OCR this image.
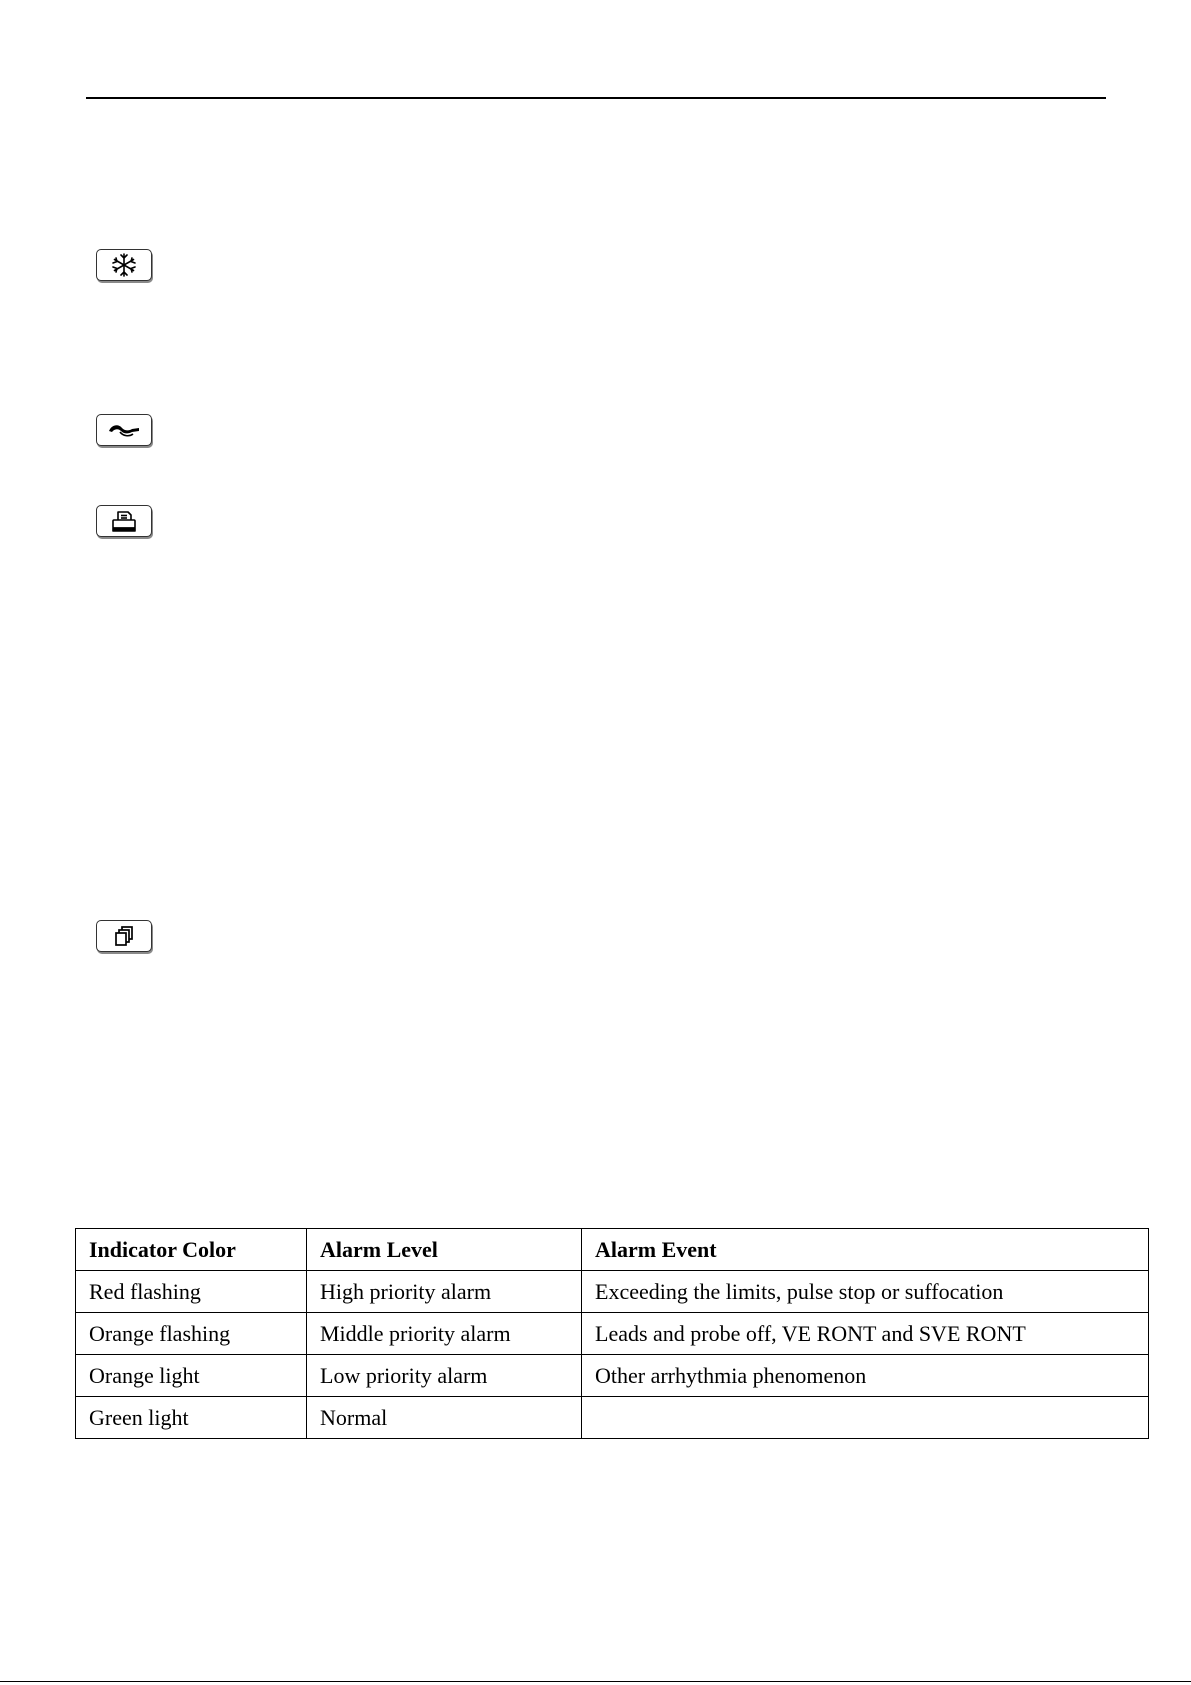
Indicator Color	Alarm Level	Alarm Event
Red flashing	High priority alarm	Exceeding the limits, pulse stop or suffocation
Orange flashing	Middle priority alarm	Leads and probe off, VE RONT and SVE RONT
Orange light	Low priority alarm	Other arrhythmia phenomenon
Green light	Normal	
